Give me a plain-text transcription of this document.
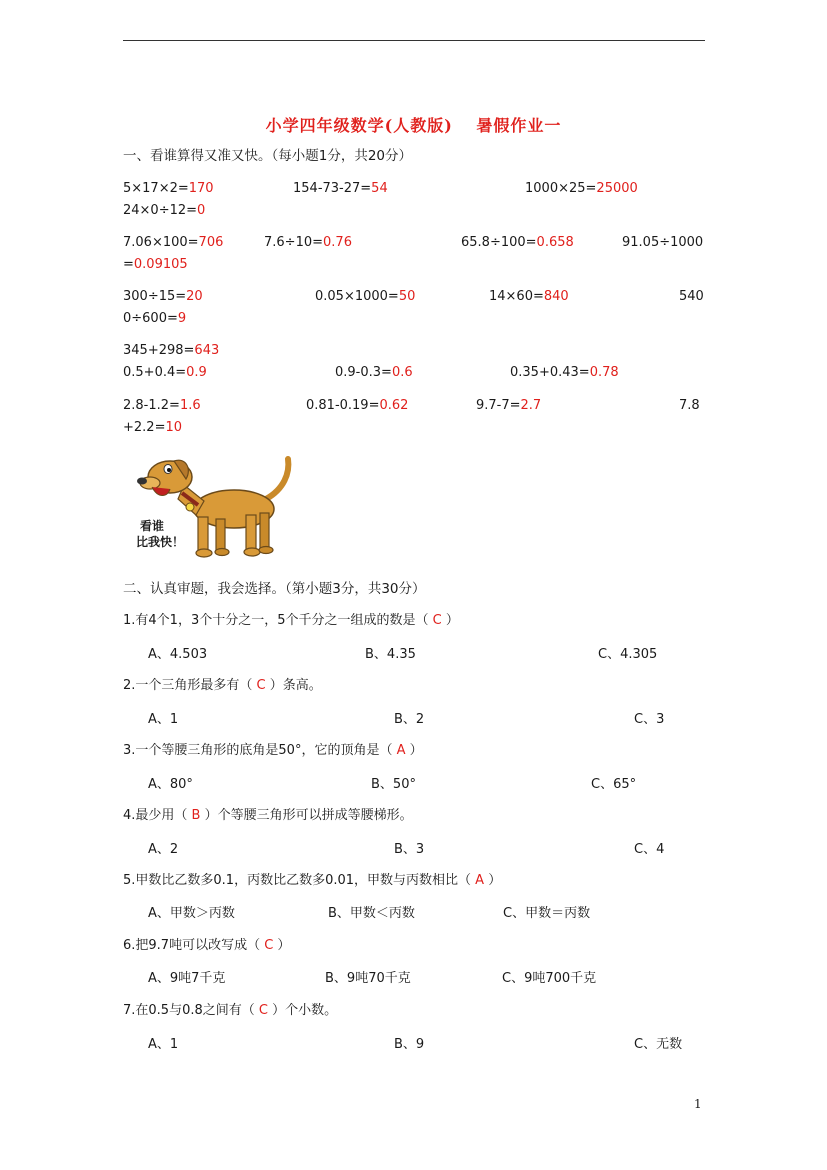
小学四年级数学(人教版)　 暑假作业一
一、看谁算得又准又快。（每小题1分，共20分）
5×17×2=170	154-73-27=54	1000×25=25000
24×0÷12=0
7.06×100=706	7.6÷10=0.76	65.8÷100=0.658	91.05÷1000
=0.09105
300÷15=20	0.05×1000=50	14×60=840	540
0÷600=9
345+298=643
0.5+0.4=0.9	0.9-0.3=0.6	0.35+0.43=0.78
2.8-1.2=1.6	0.81-0.19=0.62	9.7-7=2.7	7.8
+2.2=10
看谁
比我快！
二、认真审题，我会选择。（第小题3分，共30分）
1.有4个1，3个十分之一，5个千分之一组成的数是（ C ）
A、4.503	B、4.35	C、4.305
2.一个三角形最多有（ C ）条高。
A、1	B、2	C、3
3.一个等腰三角形的底角是50°，它的顶角是（ A ）
A、80°	B、50°	C、65°
4.最少用（ B ）个等腰三角形可以拼成等腰梯形。
A、2	B、3	C、4
5.甲数比乙数多0.1，丙数比乙数多0.01，甲数与丙数相比（ A ）
A、甲数＞丙数	B、甲数＜丙数	C、甲数＝丙数
6.把9.7吨可以改写成（ C ）
A、9吨7千克	B、9吨70千克	C、9吨700千克
7.在0.5与0.8之间有（ C ）个小数。
A、1	B、9	C、无数
1
